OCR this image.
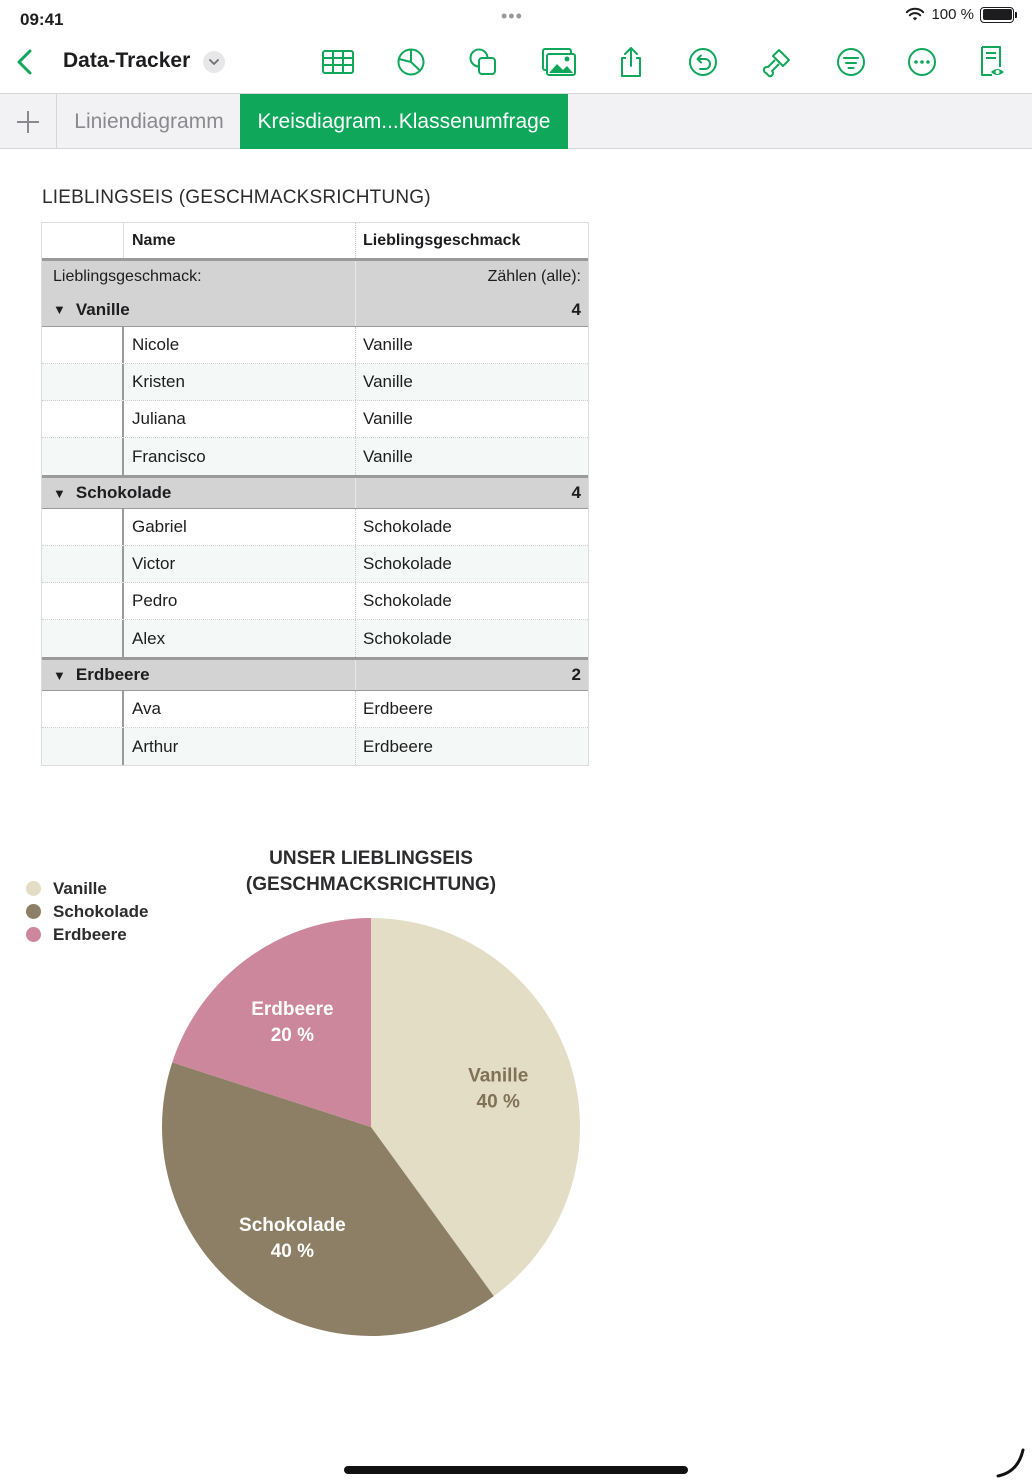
09:41	•••	100 %
Data-Tracker
Liniendiagramm	Kreisdiagram...Klassenumfrage
LIEBLINGSEIS (GESCHMACKSRICHTUNG)
Name	Lieblingsgeschmack
Lieblingsgeschmack:	Zählen (alle):
▼ Vanille	4
Nicole	Vanille
Kristen	Vanille
Juliana	Vanille
Francisco	Vanille
▼ Schokolade	4
Gabriel	Schokolade
Victor	Schokolade
Pedro	Schokolade
Alex	Schokolade
▼ Erdbeere	2
Ava	Erdbeere
Arthur	Erdbeere
Vanille
Schokolade
Erdbeere
UNSER LIEBLINGSEIS
(GESCHMACKSRICHTUNG)
Vanille
40 %
Schokolade
40 %
Erdbeere
20 %
